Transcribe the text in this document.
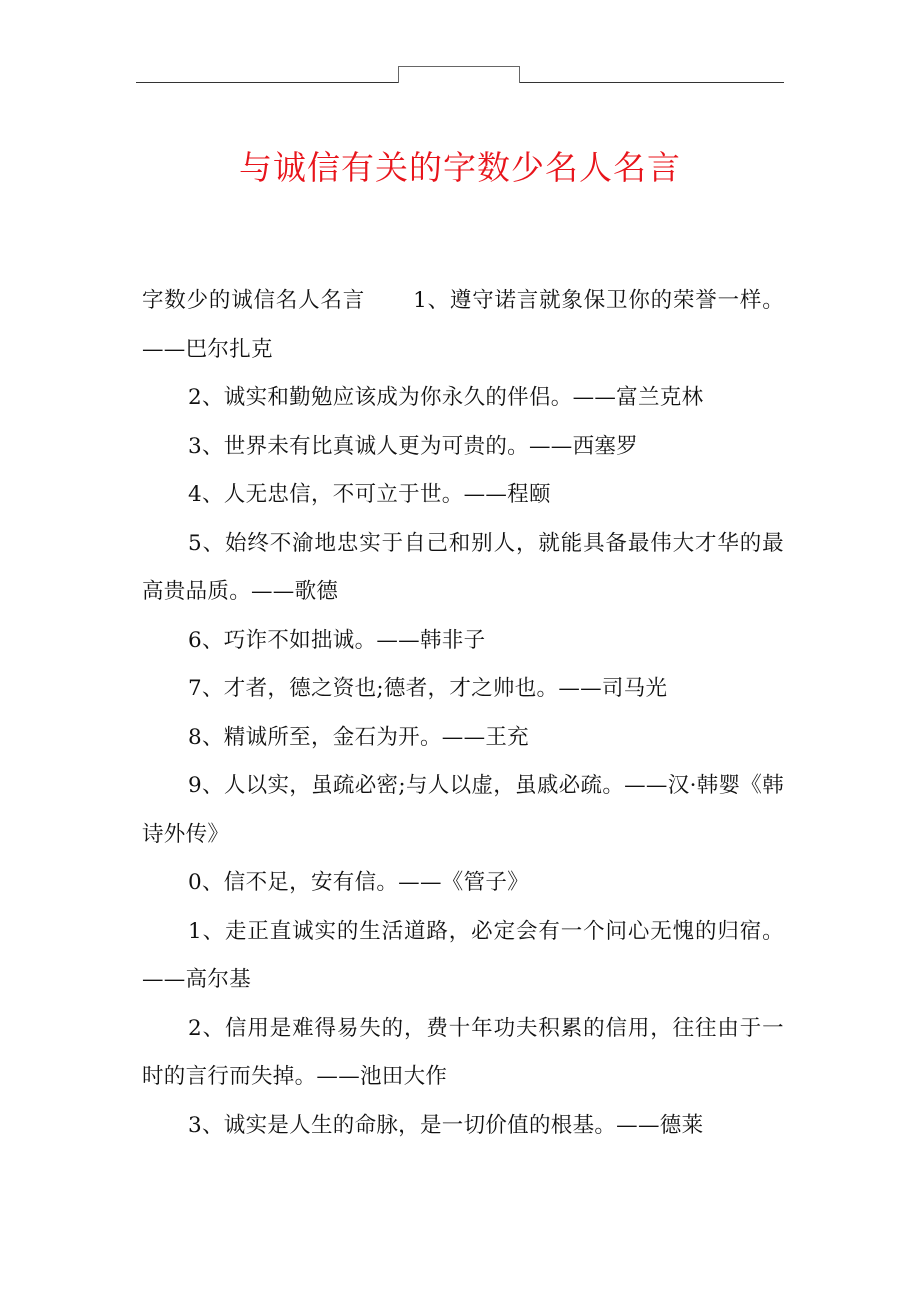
与诚信有关的字数少名人名言

字数少的诚信名人名言 1、遵守诺言就象保卫你的荣誉一样。——巴尔扎克

2、诚实和勤勉应该成为你永久的伴侣。——富兰克林

3、世界未有比真诚人更为可贵的。——西塞罗

4、人无忠信，不可立于世。——程颐

5、始终不渝地忠实于自己和别人，就能具备最伟大才华的最高贵品质。——歌德

6、巧诈不如拙诚。——韩非子

7、才者，德之资也;德者，才之帅也。——司马光

8、精诚所至，金石为开。——王充

9、人以实，虽疏必密;与人以虚，虽戚必疏。——汉·韩婴《韩诗外传》

0、信不足，安有信。——《管子》

1、走正直诚实的生活道路，必定会有一个问心无愧的归宿。——高尔基

2、信用是难得易失的，费十年功夫积累的信用，往往由于一时的言行而失掉。——池田大作

3、诚实是人生的命脉，是一切价值的根基。——德莱
